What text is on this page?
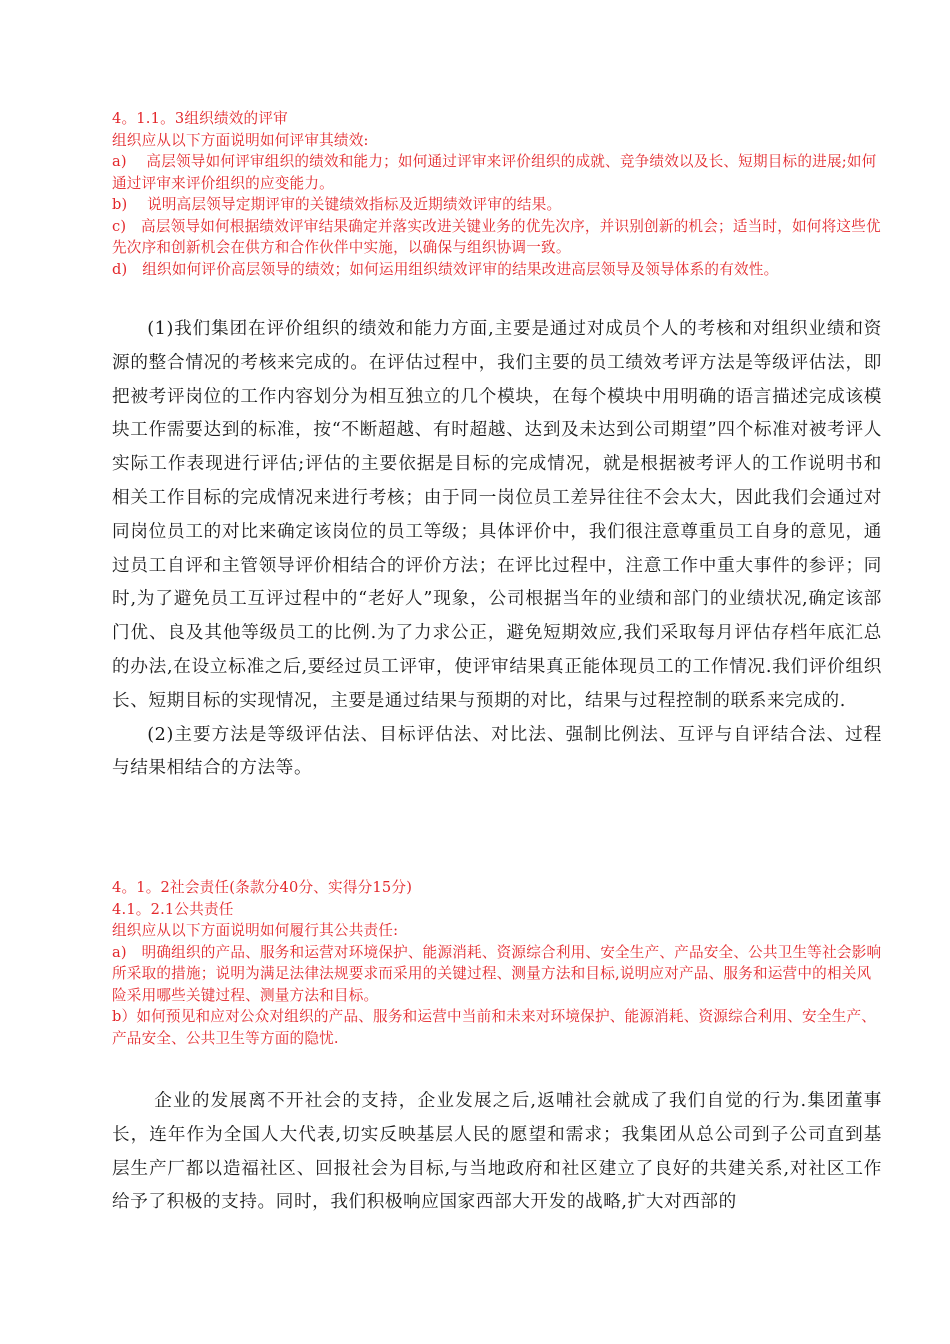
4。1.1。3组织绩效的评审

组织应从以下方面说明如何评审其绩效:

a)　 高层领导如何评审组织的绩效和能力；如何通过评审来评价组织的成就、竞争绩效以及长、短期目标的进展;如何通过评审来评价组织的应变能力。

b)　 说明高层领导定期评审的关键绩效指标及近期绩效评审的结果。

c)　高层领导如何根据绩效评审结果确定并落实改进关键业务的优先次序，并识别创新的机会；适当时，如何将这些优先次序和创新机会在供方和合作伙伴中实施，以确保与组织协调一致。

d)　组织如何评价高层领导的绩效；如何运用组织绩效评审的结果改进高层领导及领导体系的有效性。

(1)我们集团在评价组织的绩效和能力方面,主要是通过对成员个人的考核和对组织业绩和资源的整合情况的考核来完成的。在评估过程中，我们主要的员工绩效考评方法是等级评估法，即把被考评岗位的工作内容划分为相互独立的几个模块，在每个模块中用明确的语言描述完成该模块工作需要达到的标准，按“不断超越、有时超越、达到及未达到公司期望”四个标准对被考评人实际工作表现进行评估;评估的主要依据是目标的完成情况，就是根据被考评人的工作说明书和相关工作目标的完成情况来进行考核；由于同一岗位员工差异往往不会太大，因此我们会通过对同岗位员工的对比来确定该岗位的员工等级；具体评价中，我们很注意尊重员工自身的意见，通过员工自评和主管领导评价相结合的评价方法；在评比过程中，注意工作中重大事件的参评；同时,为了避免员工互评过程中的“老好人”现象，公司根据当年的业绩和部门的业绩状况,确定该部门优、良及其他等级员工的比例.为了力求公正，避免短期效应,我们采取每月评估存档年底汇总的办法,在设立标准之后,要经过员工评审，使评审结果真正能体现员工的工作情况.我们评价组织长、短期目标的实现情况，主要是通过结果与预期的对比，结果与过程控制的联系来完成的.

(2)主要方法是等级评估法、目标评估法、对比法、强制比例法、互评与自评结合法、过程与结果相结合的方法等。

4。1。2社会责任(条款分40分、实得分15分)

4.1。2.1公共责任

组织应从以下方面说明如何履行其公共责任:

a)　明确组织的产品、服务和运营对环境保护、能源消耗、资源综合利用、安全生产、产品安全、公共卫生等社会影响所采取的措施；说明为满足法律法规要求而采用的关键过程、测量方法和目标,说明应对产品、服务和运营中的相关风险采用哪些关键过程、测量方法和目标。

b）如何预见和应对公众对组织的产品、服务和运营中当前和未来对环境保护、能源消耗、资源综合利用、安全生产、产品安全、公共卫生等方面的隐忧.

企业的发展离不开社会的支持，企业发展之后,返哺社会就成了我们自觉的行为.集团董事长，连年作为全国人大代表,切实反映基层人民的愿望和需求；我集团从总公司到子公司直到基层生产厂都以造福社区、回报社会为目标,与当地政府和社区建立了良好的共建关系,对社区工作给予了积极的支持。同时，我们积极响应国家西部大开发的战略,扩大对西部的
